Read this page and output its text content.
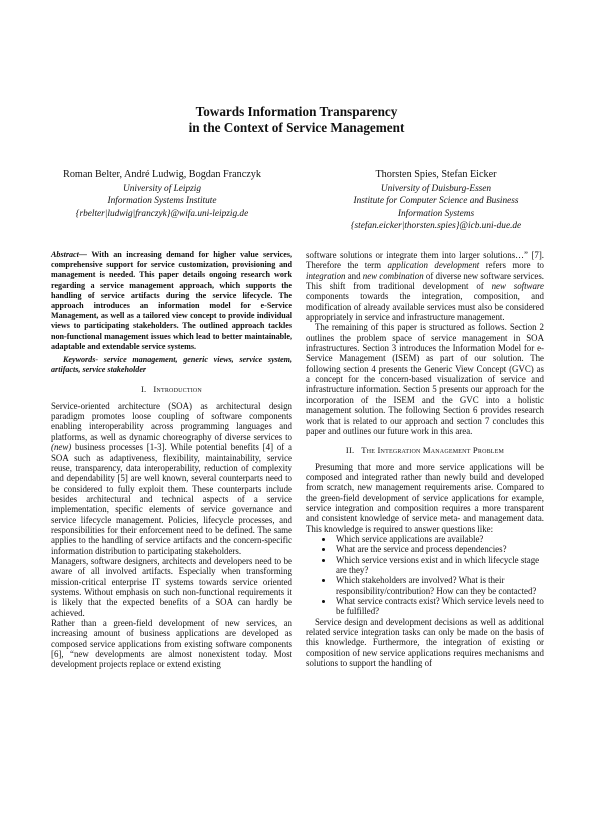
Towards Information Transparency
in the Context of Service Management
Roman Belter, André Ludwig, Bogdan Franczyk
University of Leipzig
Information Systems Institute
{rbelter|ludwig|franczyk}@wifa.uni-leipzig.de
Thorsten Spies, Stefan Eicker
University of Duisburg-Essen
Institute for Computer Science and Business
Information Systems
{stefan.eicker|thorsten.spies}@icb.uni-due.de

Abstract— With an increasing demand for higher value services, comprehensive support for service customization, provisioning and management is needed. This paper details ongoing research work regarding a service management approach, which supports the handling of service artifacts during the service lifecycle. The approach introduces an information model for e-Service Management, as well as a tailored view concept to provide individual views to participating stakeholders. The outlined approach tackles non-functional management issues which lead to better maintainable, adaptable and extendable service systems.

Keywords- service management, generic views, service system, artifacts, service stakeholder

I. Introduction

Service-oriented architecture (SOA) as architectural design paradigm promotes loose coupling of software components enabling interoperability across programming languages and platforms, as well as dynamic choreography of diverse services to (new) business processes [1-3]. While potential benefits [4] of a SOA such as adaptiveness, flexibility, maintainability, service reuse, transparency, data interoperability, reduction of complexity and dependability [5] are well known, several counterparts need to be considered to fully exploit them. These counterparts include besides architectural and technical aspects of a service implementation, specific elements of service governance and service lifecycle management. Policies, lifecycle processes, and responsibilities for their enforcement need to be defined. The same applies to the handling of service artifacts and the concern-specific information distribution to participating stakeholders.

Managers, software designers, architects and developers need to be aware of all involved artifacts. Especially when transforming mission-critical enterprise IT systems towards service oriented systems. Without emphasis on such non-functional requirements it is likely that the expected benefits of a SOA can hardly be achieved.

Rather than a green-field development of new services, an increasing amount of business applications are developed as composed service applications from existing software components [6], “new developments are almost nonexistent today. Most development projects replace or extend existing

software solutions or integrate them into larger solutions…” [7]. Therefore the term application development refers more to integration and new combination of diverse new software services. This shift from traditional development of new software components towards the integration, composition, and modification of already available services must also be considered appropriately in service and infrastructure management.

The remaining of this paper is structured as follows. Section 2 outlines the problem space of service management in SOA infrastructures. Section 3 introduces the Information Model for e-Service Management (ISEM) as part of our solution. The following section 4 presents the Generic View Concept (GVC) as a concept for the concern-based visualization of service and infrastructure information. Section 5 presents our approach for the incorporation of the ISEM and the GVC into a holistic management solution. The following Section 6 provides research work that is related to our approach and section 7 concludes this paper and outlines our future work in this area.

II. The Integration Management Problem

Presuming that more and more service applications will be composed and integrated rather than newly build and developed from scratch, new management requirements arise. Compared to the green-field development of service applications for example, service integration and composition requires a more transparent and consistent knowledge of service meta- and management data. This knowledge is required to answer questions like:

• Which service applications are available?
• What are the service and process dependencies?
• Which service versions exist and in which lifecycle stage are they?
• Which stakeholders are involved? What is their responsibility/contribution? How can they be contacted?
• What service contracts exist? Which service levels need to be fulfilled?

Service design and development decisions as well as additional related service integration tasks can only be made on the basis of this knowledge. Furthermore, the integration of existing or composition of new service applications requires mechanisms and solutions to support the handling of
